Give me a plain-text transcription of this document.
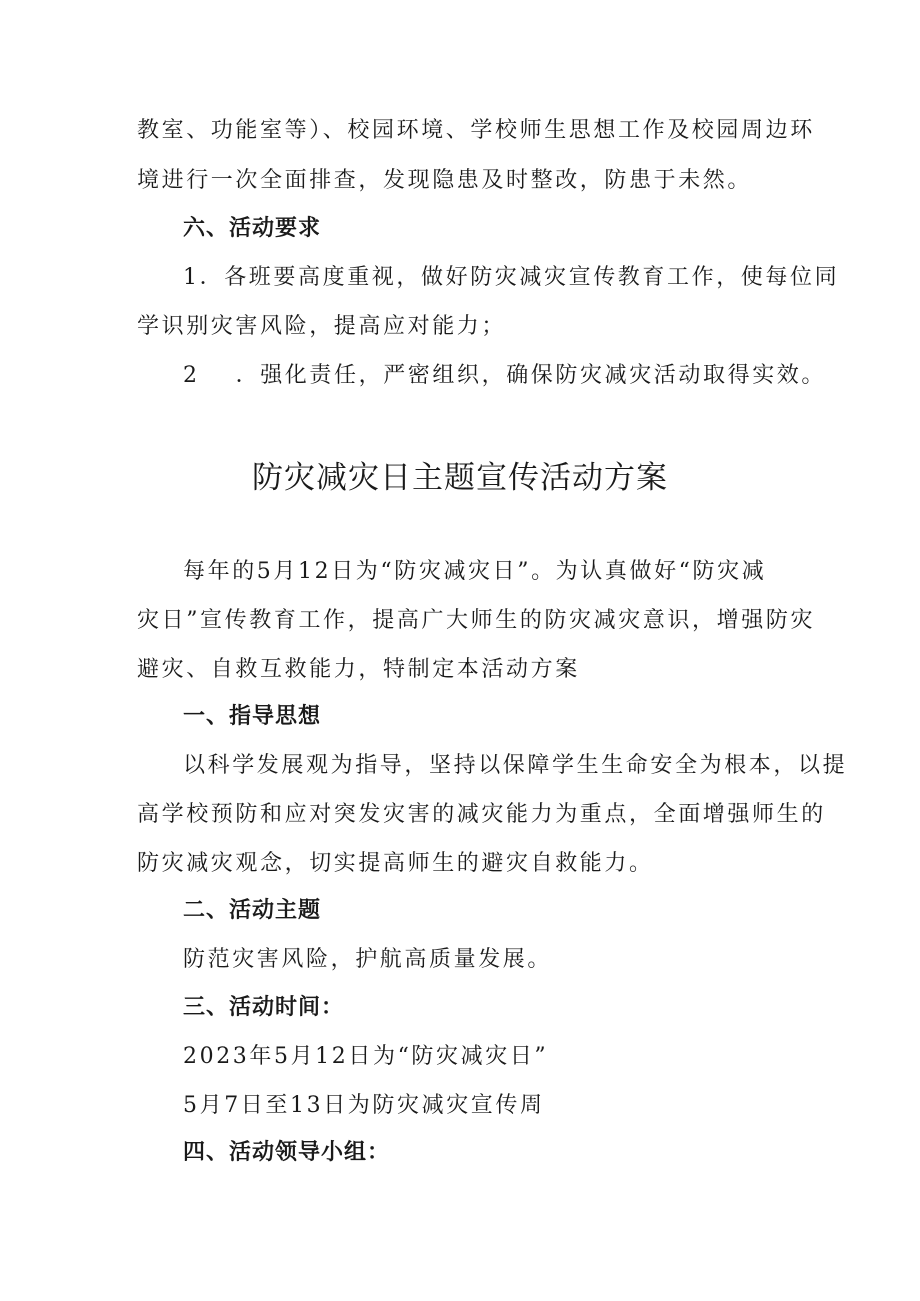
教室、功能室等）、校园环境、学校师生思想工作及校园周边环
境进行一次全面排查，发现隐患及时整改，防患于未然。
六、活动要求
1．各班要高度重视，做好防灾减灾宣传教育工作，使每位同
学识别灾害风险，提高应对能力；
2 ．强化责任，严密组织，确保防灾减灾活动取得实效。
防灾减灾日主题宣传活动方案
每年的5月12日为“防灾减灾日”。为认真做好“防灾减
灾日”宣传教育工作，提高广大师生的防灾减灾意识，增强防灾
避灾、自救互救能力，特制定本活动方案
一、指导思想
以科学发展观为指导，坚持以保障学生生命安全为根本，以提
高学校预防和应对突发灾害的减灾能力为重点，全面增强师生的
防灾减灾观念，切实提高师生的避灾自救能力。
二、活动主题
防范灾害风险，护航高质量发展。
三、活动时间：
2023年5月12日为“防灾减灾日”
5月7日至13日为防灾减灾宣传周
四、活动领导小组：
